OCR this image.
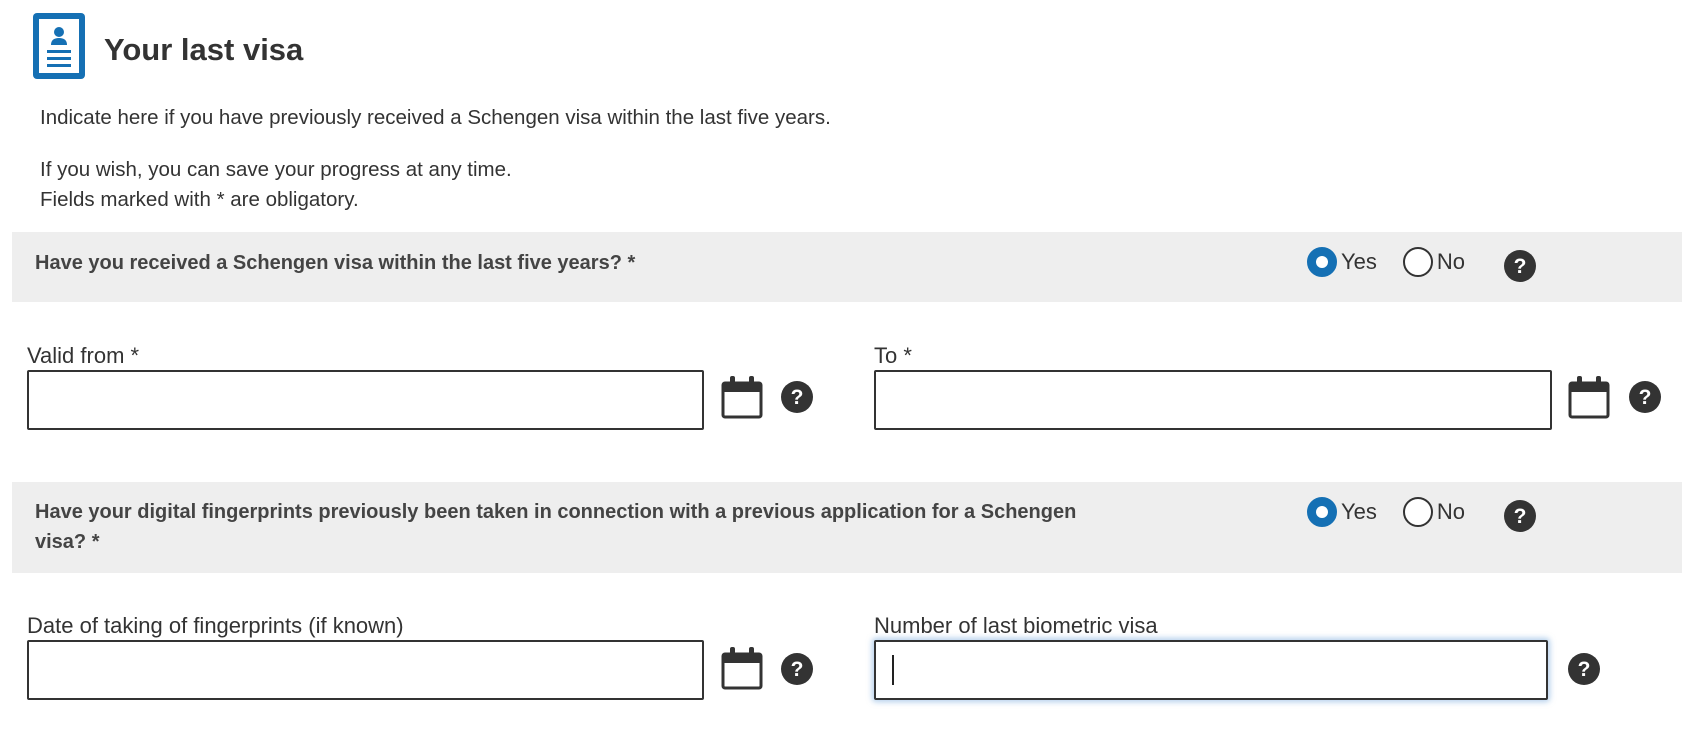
Your last visa
Indicate here if you have previously received a Schengen visa within the last five years.
If you wish, you can save your progress at any time.
Fields marked with * are obligatory.
Have you received a Schengen visa within the last five years? *	Yes	No ?
Valid from *
?
To *
?
Have your digital fingerprints previously been taken in connection with a previous application for a Schengen
visa? *
Yes	No ?
Date of taking of fingerprints (if known)
?
Number of last biometric visa
?
